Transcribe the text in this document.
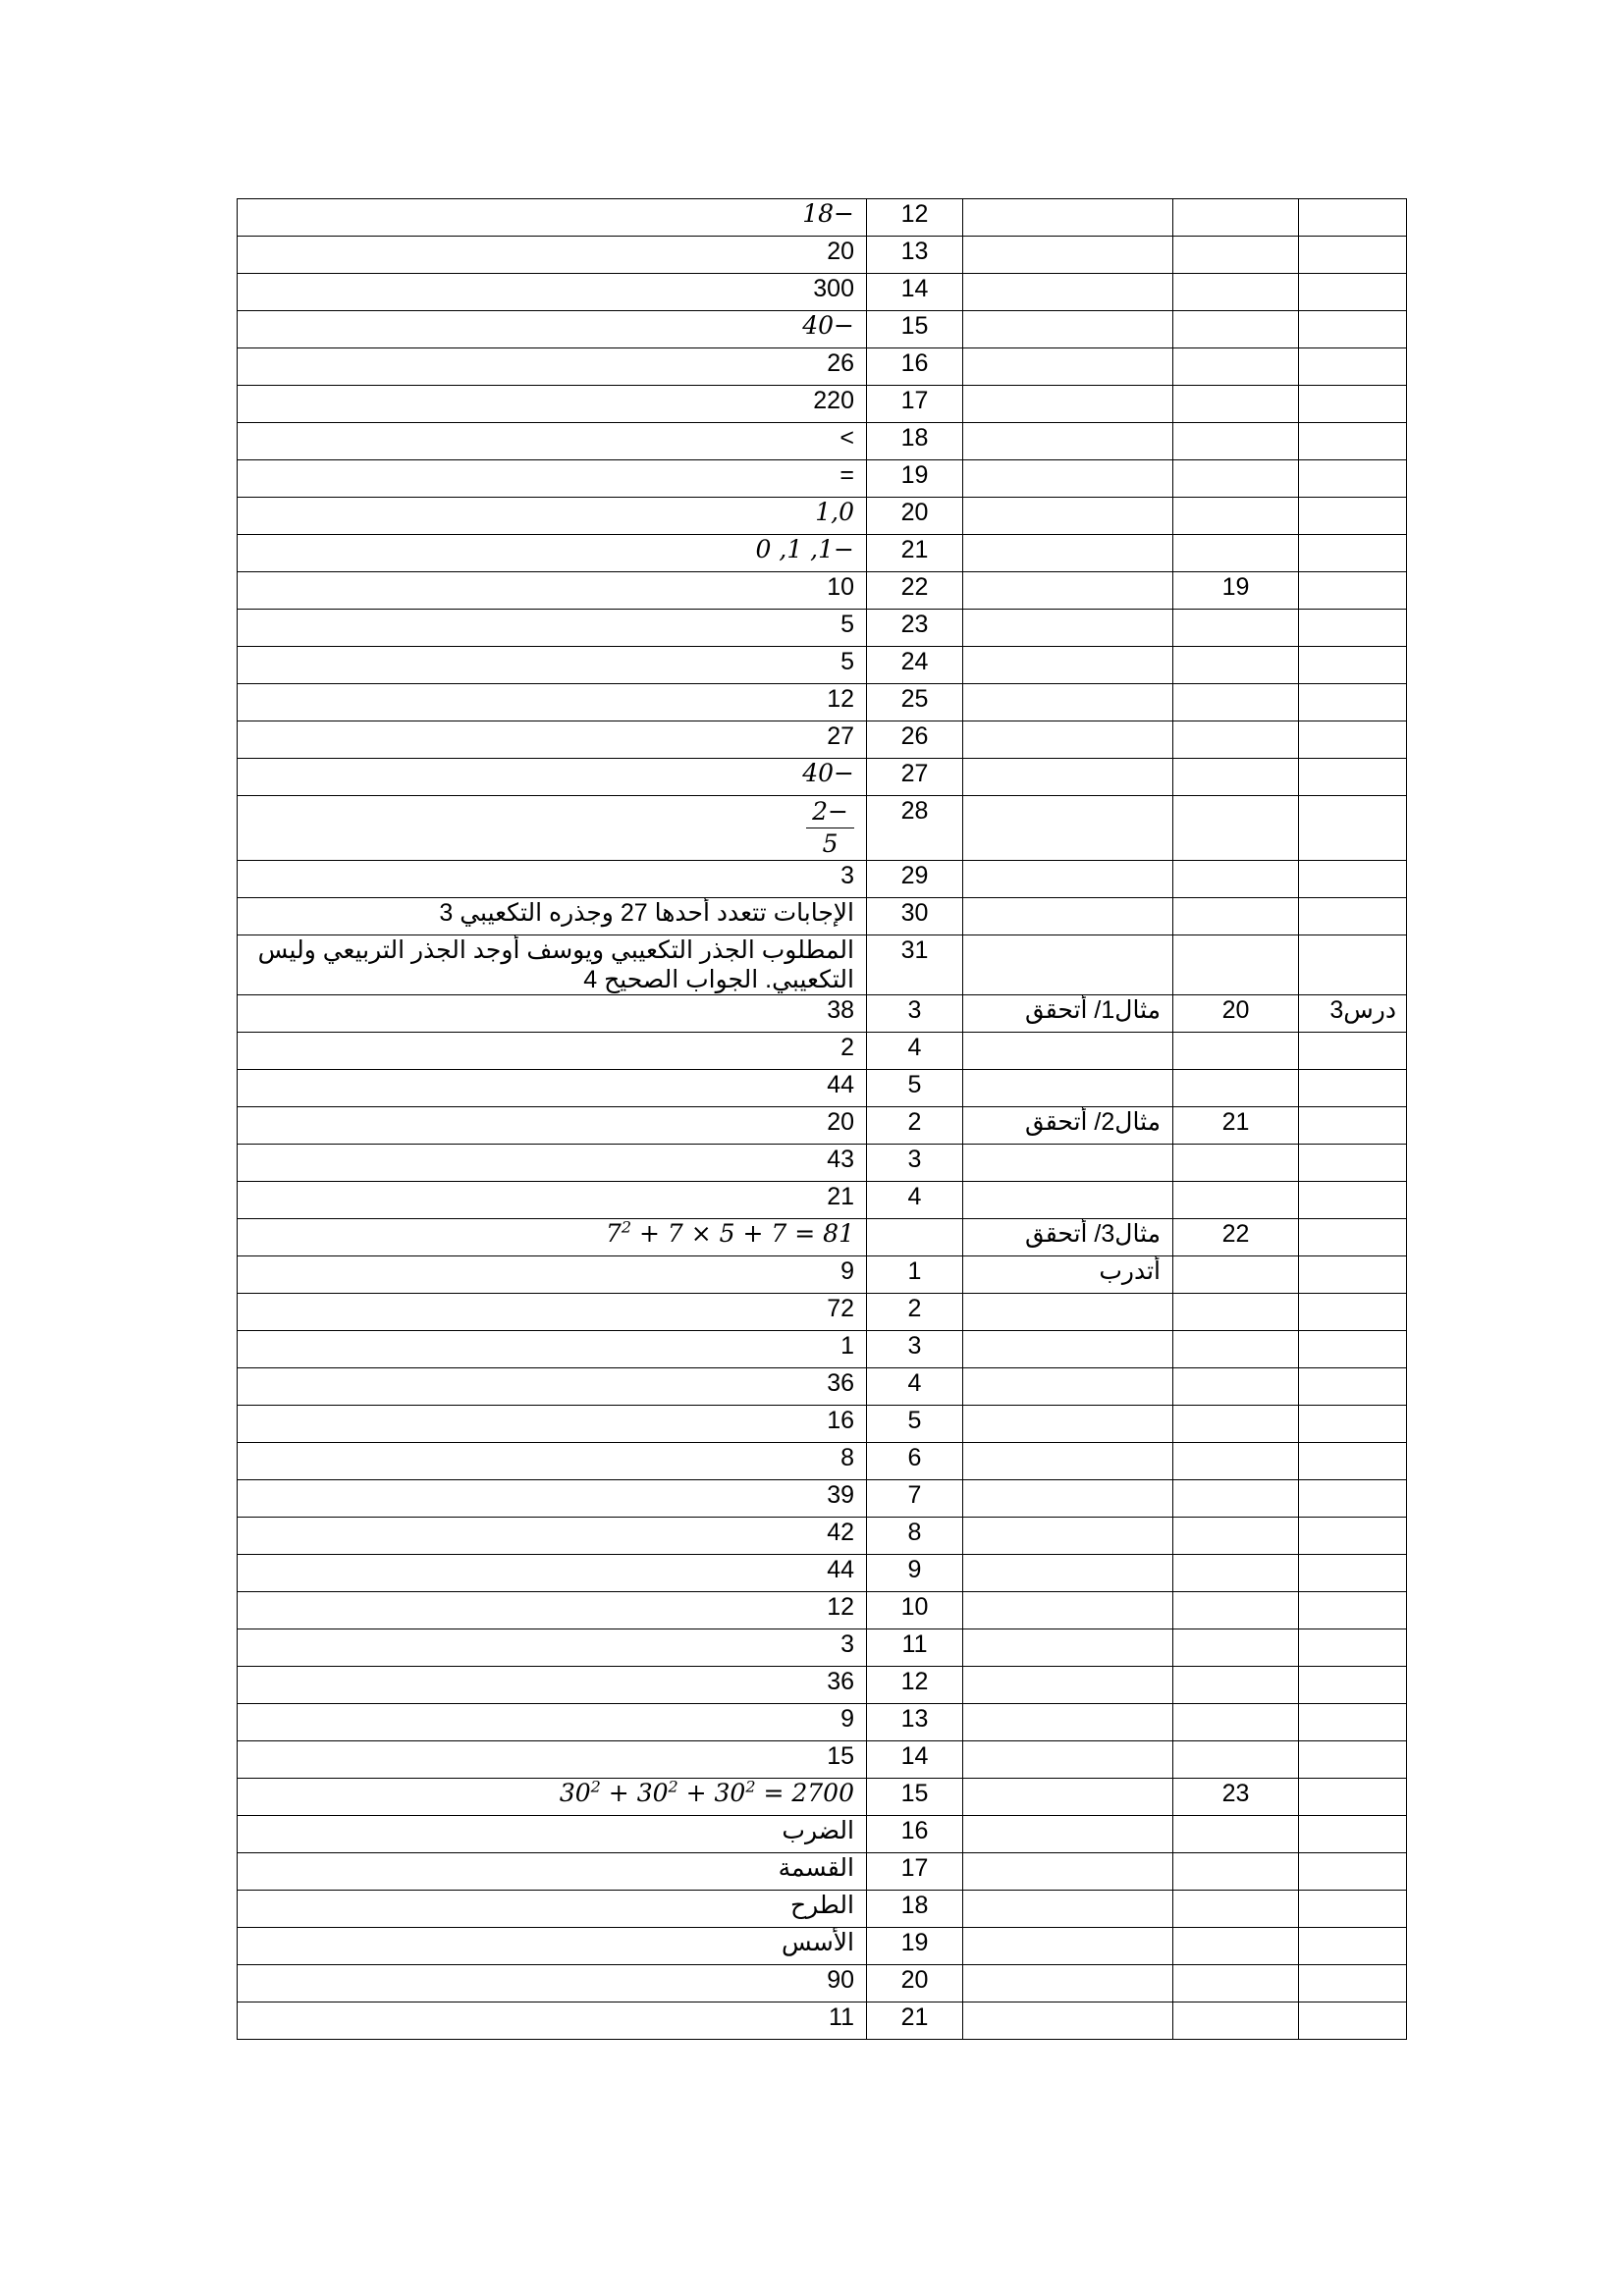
			12	−18
			13	20
			14	300
			15	−40
			16	26
			17	220
			18	>
			19	=
			20	1,0
			21	−1, 1, 0
	19		22	10
			23	5
			24	5
			25	12
			26	27
			27	−40
			28	$\frac{-2}{5}$

			29	3
			30	الإجابات تتعدد أحدها 27 وجذره التكعيبي 3
			31	المطلوب الجذر التكعيبي ويوسف أوجد الجذر التربيعي وليس التكعيبي. الجواب الصحيح 4
درس3	20	مثال1/ أتحقق	3	38
			4	2
			5	44
	21	مثال2/ أتحقق	2	20
			3	43
			4	21
	22	مثال3/ أتحقق		$7^2 + 7 \times 5 + 7 = 81$
		أتدرب	1	9
			2	72
			3	1
			4	36
			5	16
			6	8
			7	39
			8	42
			9	44
			10	12
			11	3
			12	36
			13	9
			14	15
	23		15	$30^2 + 30^2 + 30^2 = 2700$
			16	الضرب
			17	القسمة
			18	الطرح
			19	الأسس
			20	90
			21	11
